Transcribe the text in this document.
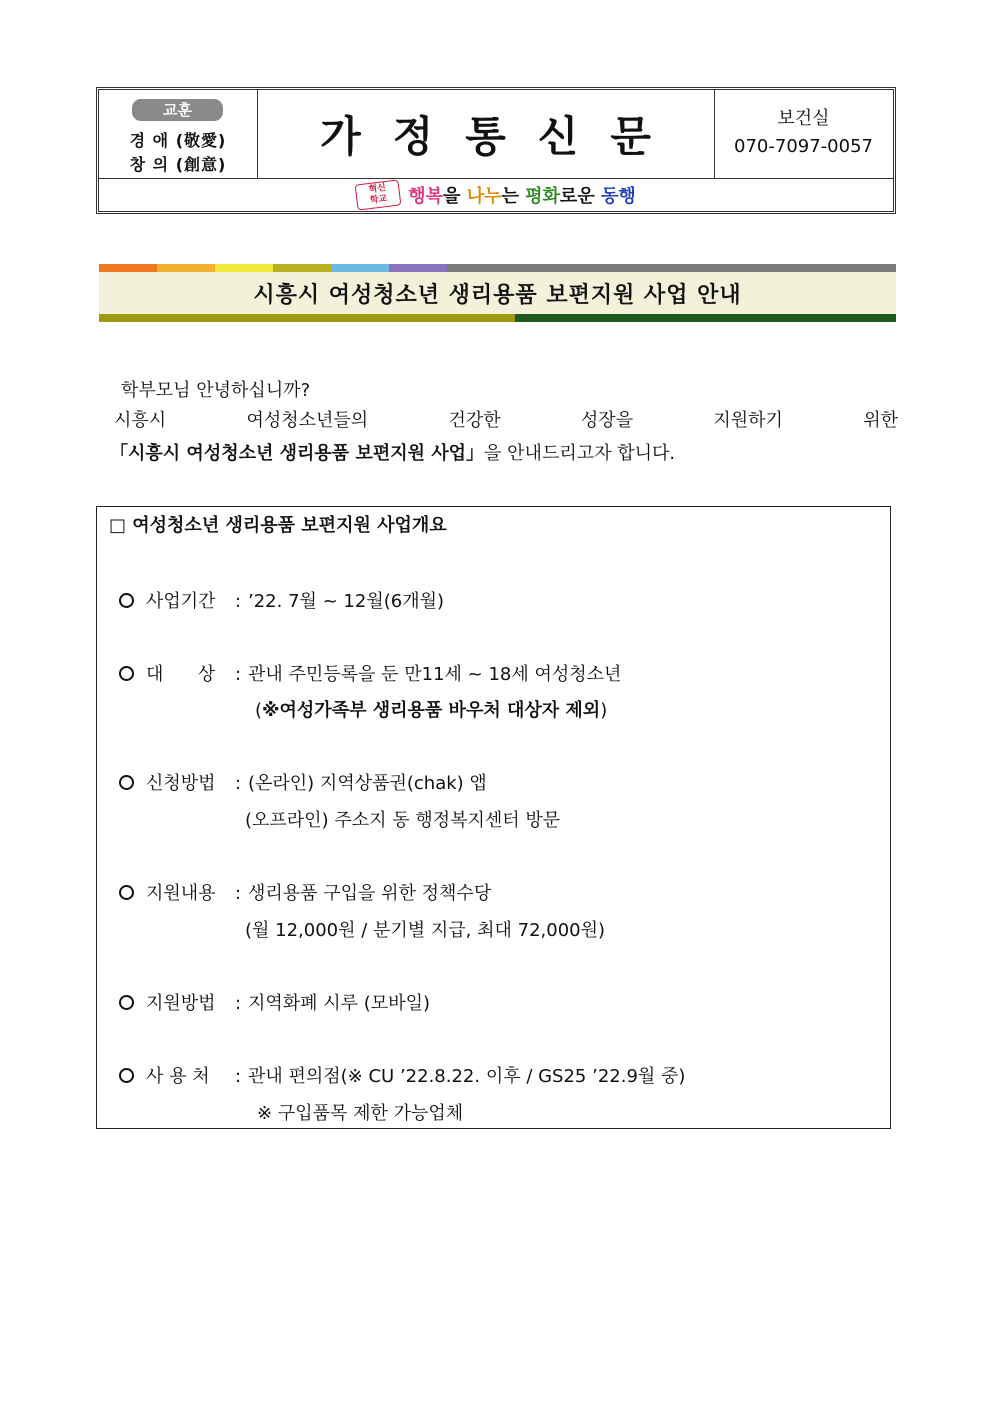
교훈
경 애 (敬愛)
창 의 (創意)
가정통신문	보건실
070-7097-0057
혁신
학교	행복을 나누는 평화로운 동행
시흥시 여성청소년 생리용품 보편지원 사업 안내
학부모님 안녕하십니까?
시흥시 여성청소년들의 건강한 성장을 지원하기 위한 「시흥시 여성청소년 생리용품 보편지원 사업」을 안내드리고자 합니다.
□ 여성청소년 생리용품 보편지원 사업개요
사업기간 : ’22. 7월 ~ 12월(6개월)
대      상 : 관내 주민등록을 둔 만11세 ~ 18세 여성청소년
(※여성가족부 생리용품 바우처 대상자 제외)
신청방법 : (온라인) 지역상품권(chak) 앱
(오프라인) 주소지 동 행정복지센터 방문
지원내용 : 생리용품 구입을 위한 정책수당
(월 12,000원 / 분기별 지급, 최대 72,000원)
지원방법 : 지역화폐 시루 (모바일)
사 용 처 : 관내 편의점(※ CU ’22.8.22. 이후 / GS25 ’22.9월 중)
※ 구입품목 제한 가능업체
